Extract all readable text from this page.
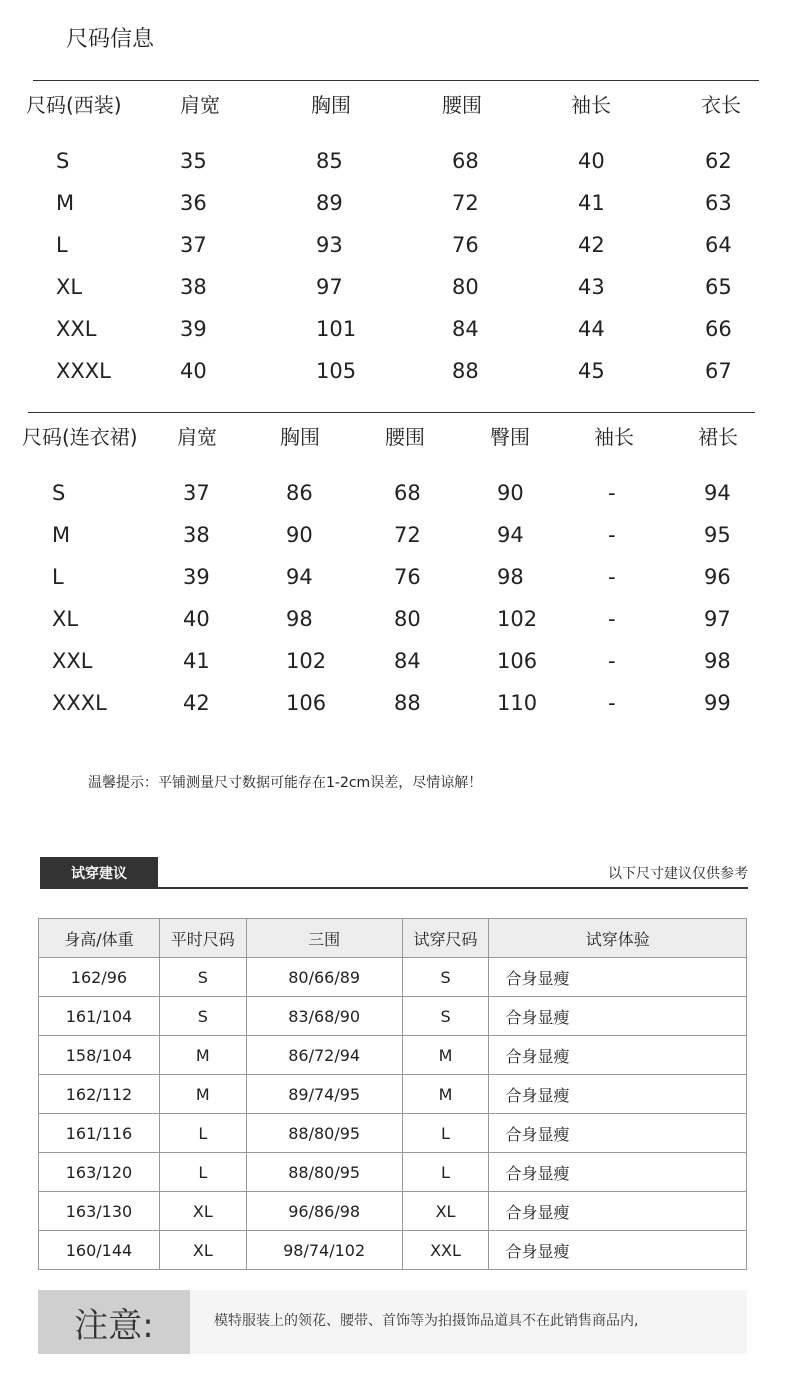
尺码信息
尺码(西装)	肩宽	胸围	腰围	袖长	衣长
S	35	85	68	40	62
M	36	89	72	41	63
L	37	93	76	42	64
XL	38	97	80	43	65
XXL	39	101	84	44	66
XXXL	40	105	88	45	67
尺码(连衣裙) 肩宽	胸围	腰围	臀围	袖长	裙长
S	37	86	68	90	-	94
M	38	90	72	94	-	95
L	39	94	76	98	-	96
XL	40	98	80	102	-	97
XXL	41	102	84	106	-	98
XXXL	42	106	88	110	-	99
温馨提示：平铺测量尺寸数据可能存在1-2cm误差，尽情谅解！
试穿建议	以下尺寸建议仅供参考
身高/体重	平时尺码	三围	试穿尺码	试穿体验
162/96	S	80/66/89	S	合身显瘦
161/104	S	83/68/90	S	合身显瘦
158/104	M	86/72/94	M	合身显瘦
162/112	M	89/74/95	M	合身显瘦
161/116	L	88/80/95	L	合身显瘦
163/120	L	88/80/95	L	合身显瘦
163/130	XL	96/86/98	XL	合身显瘦
160/144	XL	98/74/102	XXL	合身显瘦
注意:	模特服装上的领花、腰带、首饰等为拍摄饰品道具不在此销售商品内,
